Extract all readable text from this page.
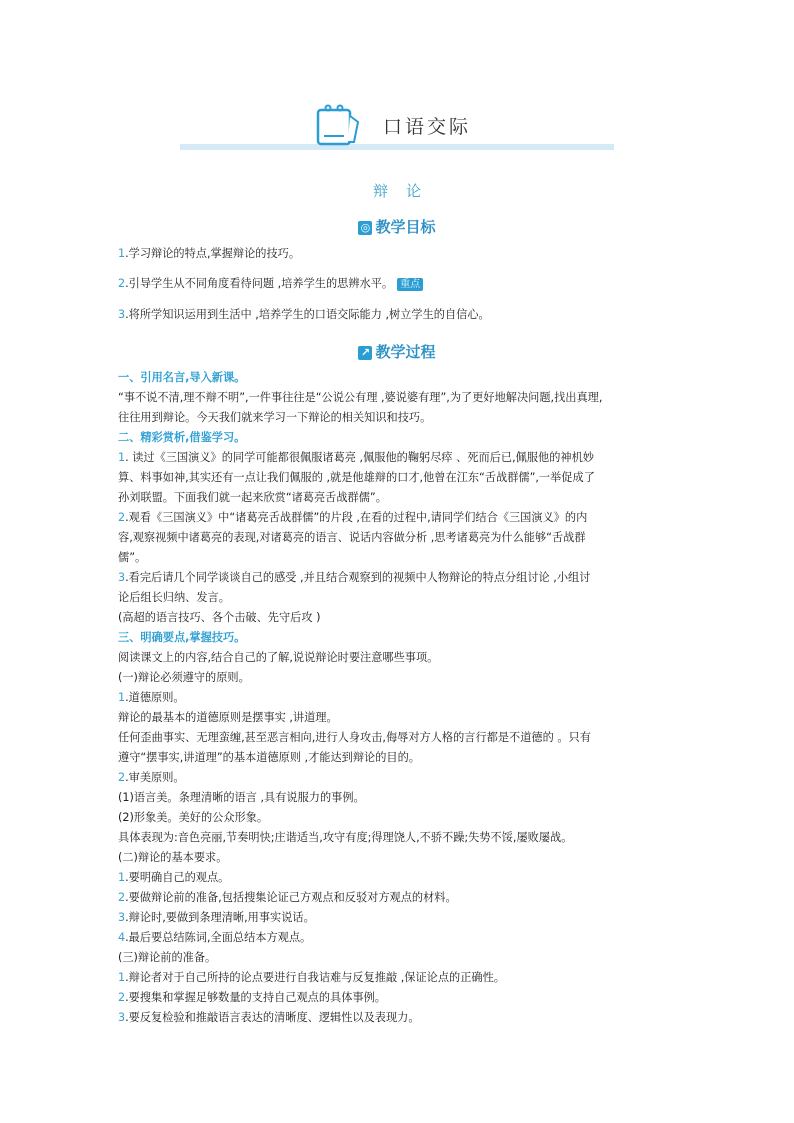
口语交际
辩论
◎ 教学目标
1.学习辩论的特点,掌握辩论的技巧。
2.引导学生从不同角度看待问题 ,培养学生的思辨水平。 重点
3.将所学知识运用到生活中 ,培养学生的口语交际能力 ,树立学生的自信心。
↗ 教学过程
一、引用名言,导入新课。
“事不说不清,理不辩不明”,一件事往往是“公说公有理 ,婆说婆有理”,为了更好地解决问题,找出真理,
往往用到辩论。今天我们就来学习一下辩论的相关知识和技巧。
二、精彩赏析,借鉴学习。
1. 读过《三国演义》的同学可能都很佩服诸葛亮 ,佩服他的鞠躬尽瘁 、死而后已,佩服他的神机妙
算、料事如神,其实还有一点让我们佩服的 ,就是他雄辩的口才,他曾在江东“舌战群儒”,一举促成了
孙刘联盟。下面我们就一起来欣赏“诸葛亮舌战群儒”。
2.观看《三国演义》中“诸葛亮舌战群儒”的片段 ,在看的过程中,请同学们结合《三国演义》的内
容,观察视频中诸葛亮的表现,对诸葛亮的语言、说话内容做分析 ,思考诸葛亮为什么能够“舌战群
儒”。
3.看完后请几个同学谈谈自己的感受 ,并且结合观察到的视频中人物辩论的特点分组讨论 ,小组讨
论后组长归纳、发言。
(高超的语言技巧、各个击破、先守后攻 )
三、明确要点,掌握技巧。
阅读课文上的内容,结合自己的了解,说说辩论时要注意哪些事项。
(一)辩论必须遵守的原则。
1.道德原则。
辩论的最基本的道德原则是摆事实 ,讲道理。
任何歪曲事实、无理蛮缠,甚至恶言相向,进行人身攻击,侮辱对方人格的言行都是不道德的 。只有
遵守“摆事实,讲道理”的基本道德原则 ,才能达到辩论的目的。
2.审美原则。
(1)语言美。条理清晰的语言 ,具有说服力的事例。
(2)形象美。美好的公众形象。
具体表现为:音色亮丽,节奏明快;庄谐适当,攻守有度;得理饶人,不骄不躁;失势不馁,屡败屡战。
(二)辩论的基本要求。
1.要明确自己的观点。
2.要做辩论前的准备,包括搜集论证己方观点和反驳对方观点的材料。
3.辩论时,要做到条理清晰,用事实说话。
4.最后要总结陈词,全面总结本方观点。
(三)辩论前的准备。
1.辩论者对于自己所持的论点要进行自我诘难与反复推敲 ,保证论点的正确性。
2.要搜集和掌握足够数量的支持自己观点的具体事例。
3.要反复检验和推敲语言表达的清晰度、逻辑性以及表现力。
